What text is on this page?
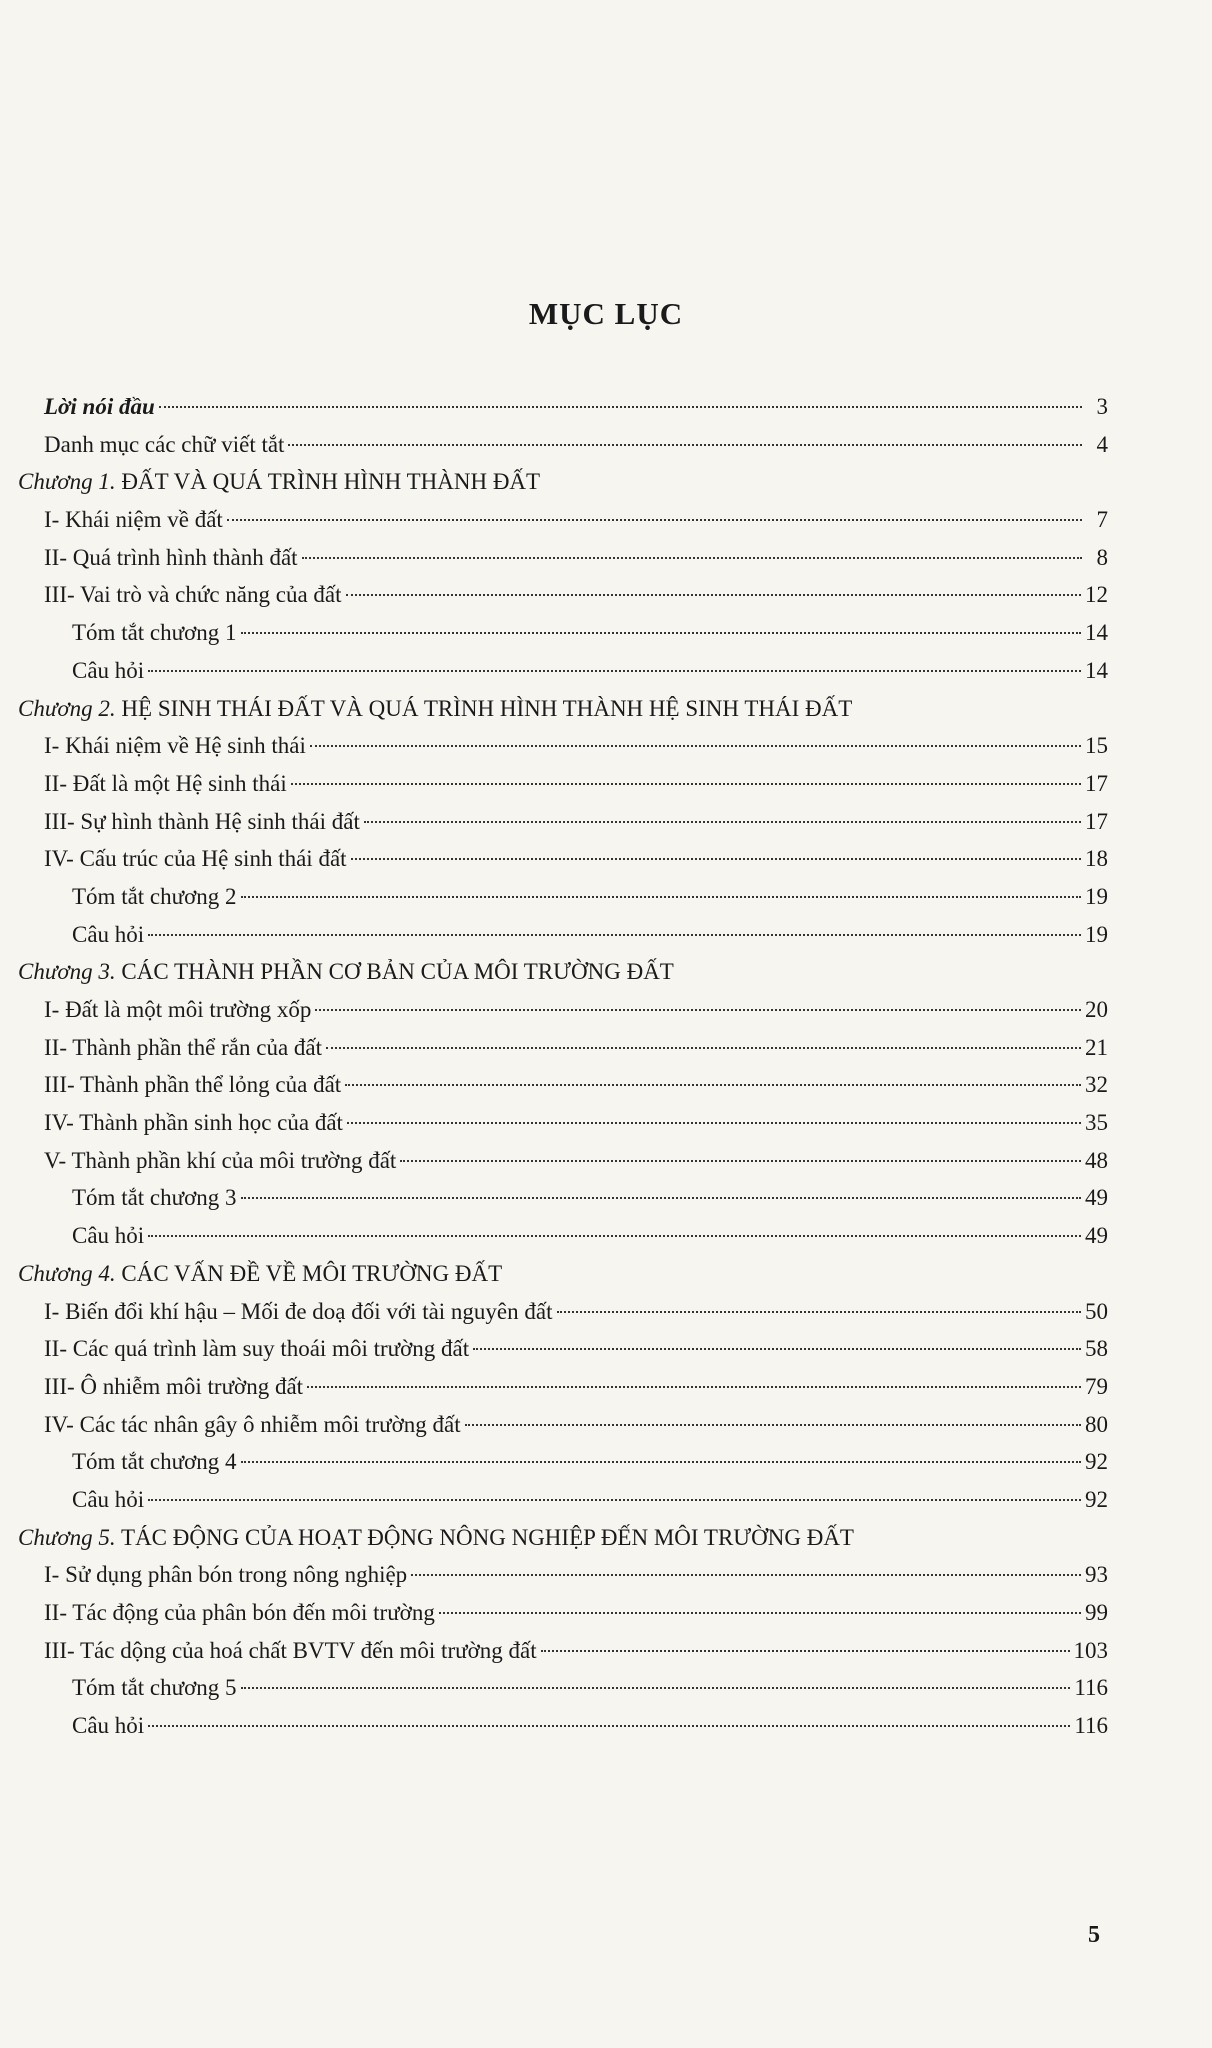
MỤC LỤC
Lời nói đầu	3
Danh mục các chữ viết tắt	4
Chương 1. ĐẤT VÀ QUÁ TRÌNH HÌNH THÀNH ĐẤT
I- Khái niệm về đất	7
II- Quá trình hình thành đất	8
III- Vai trò và chức năng của đất	12
Tóm tắt chương 1	14
Câu hỏi	14
Chương 2. HỆ SINH THÁI ĐẤT VÀ QUÁ TRÌNH HÌNH THÀNH HỆ SINH THÁI ĐẤT
I- Khái niệm về Hệ sinh thái	15
II- Đất là một Hệ sinh thái	17
III- Sự hình thành Hệ sinh thái đất	17
IV- Cấu trúc của Hệ sinh thái đất	18
Tóm tắt chương 2	19
Câu hỏi	19
Chương 3. CÁC THÀNH PHẦN CƠ BẢN CỦA MÔI TRƯỜNG ĐẤT
I- Đất là một môi trường xốp	20
II- Thành phần thể rắn của đất	21
III- Thành phần thể lỏng của đất	32
IV- Thành phần sinh học của đất	35
V- Thành phần khí của môi trường đất	48
Tóm tắt chương 3	49
Câu hỏi	49
Chương 4. CÁC VẤN ĐỀ VỀ MÔI TRƯỜNG ĐẤT
I- Biến đổi khí hậu – Mối đe doạ đối với tài nguyên đất	50
II- Các quá trình làm suy thoái môi trường đất	58
III- Ô nhiễm môi trường đất	79
IV- Các tác nhân gây ô nhiễm môi trường đất	80
Tóm tắt chương 4	92
Câu hỏi	92
Chương 5. TÁC ĐỘNG CỦA HOẠT ĐỘNG NÔNG NGHIỆP ĐẾN MÔI TRƯỜNG ĐẤT
I- Sử dụng phân bón trong nông nghiệp	93
II- Tác động của phân bón đến môi trường	99
III- Tác dộng của hoá chất BVTV đến môi trường đất	103
Tóm tắt chương 5	116
Câu hỏi	116
5
